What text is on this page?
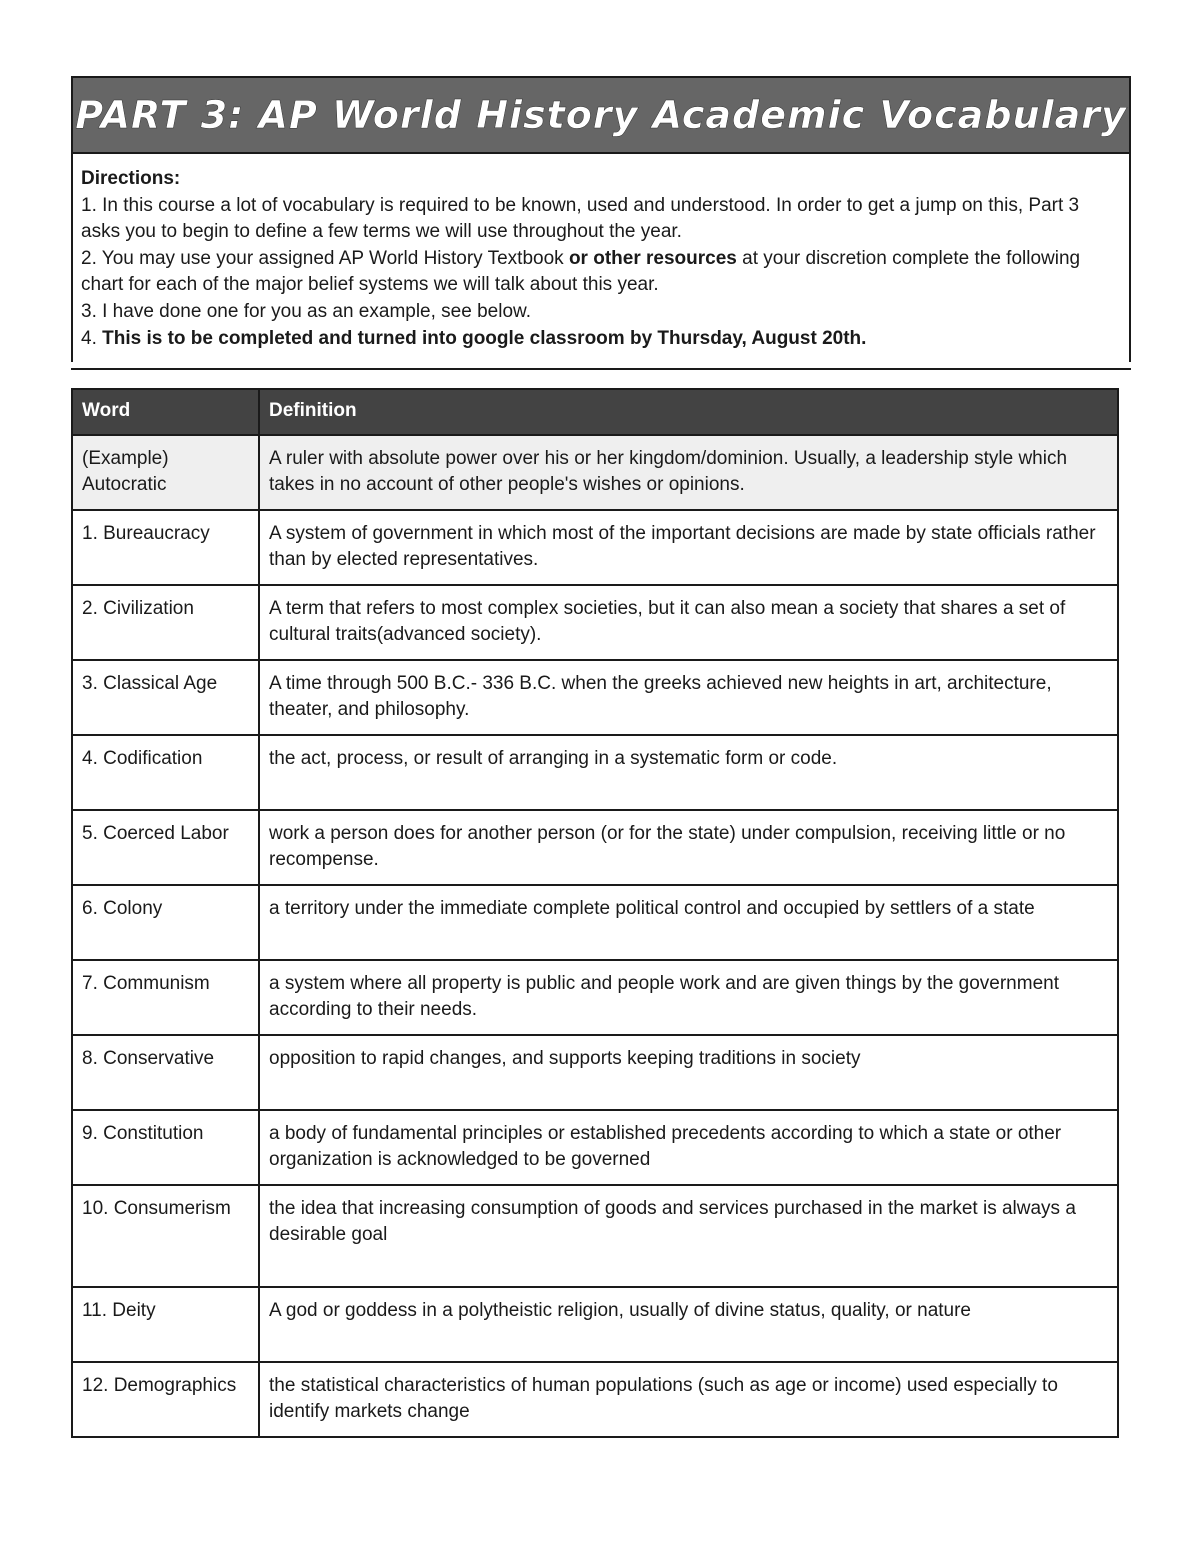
PART 3: AP World History Academic Vocabulary

Directions:

1. In this course a lot of vocabulary is required to be known, used and understood. In order to get a jump on this, Part 3 asks you to begin to define a few terms we will use throughout the year.

2. You may use your assigned AP World History Textbook or other resources at your discretion complete the following chart for each of the major belief systems we will talk about this year.

3. I have done one for you as an example, see below.

4. This is to be completed and turned into google classroom by Thursday, August 20th.

Word	Definition
(Example) Autocratic	A ruler with absolute power over his or her kingdom/dominion. Usually, a leadership style which takes in no account of other people's wishes or opinions.
1. Bureaucracy	A system of government in which most of the important decisions are made by state officials rather than by elected representatives.
2. Civilization	A term that refers to most complex societies, but it can also mean a society that shares a set of cultural traits(advanced society).
3. Classical Age	A time through 500 B.C.- 336 B.C. when the greeks achieved new heights in art, architecture, theater, and philosophy.
4. Codification	the act, process, or result of arranging in a systematic form or code.
5. Coerced Labor	work a person does for another person (or for the state) under compulsion, receiving little or no recompense.
6. Colony	a territory under the immediate complete political control and occupied by settlers of a state
7. Communism	a system where all property is public and people work and are given things by the government according to their needs.
8. Conservative	opposition to rapid changes, and supports keeping traditions in society
9. Constitution	a body of fundamental principles or established precedents according to which a state or other organization is acknowledged to be governed
10. Consumerism	the idea that increasing consumption of goods and services purchased in the market is always a desirable goal
11. Deity	A god or goddess in a polytheistic religion, usually of divine status, quality, or nature
12. Demographics	the statistical characteristics of human populations (such as age or income) used especially to identify markets change
